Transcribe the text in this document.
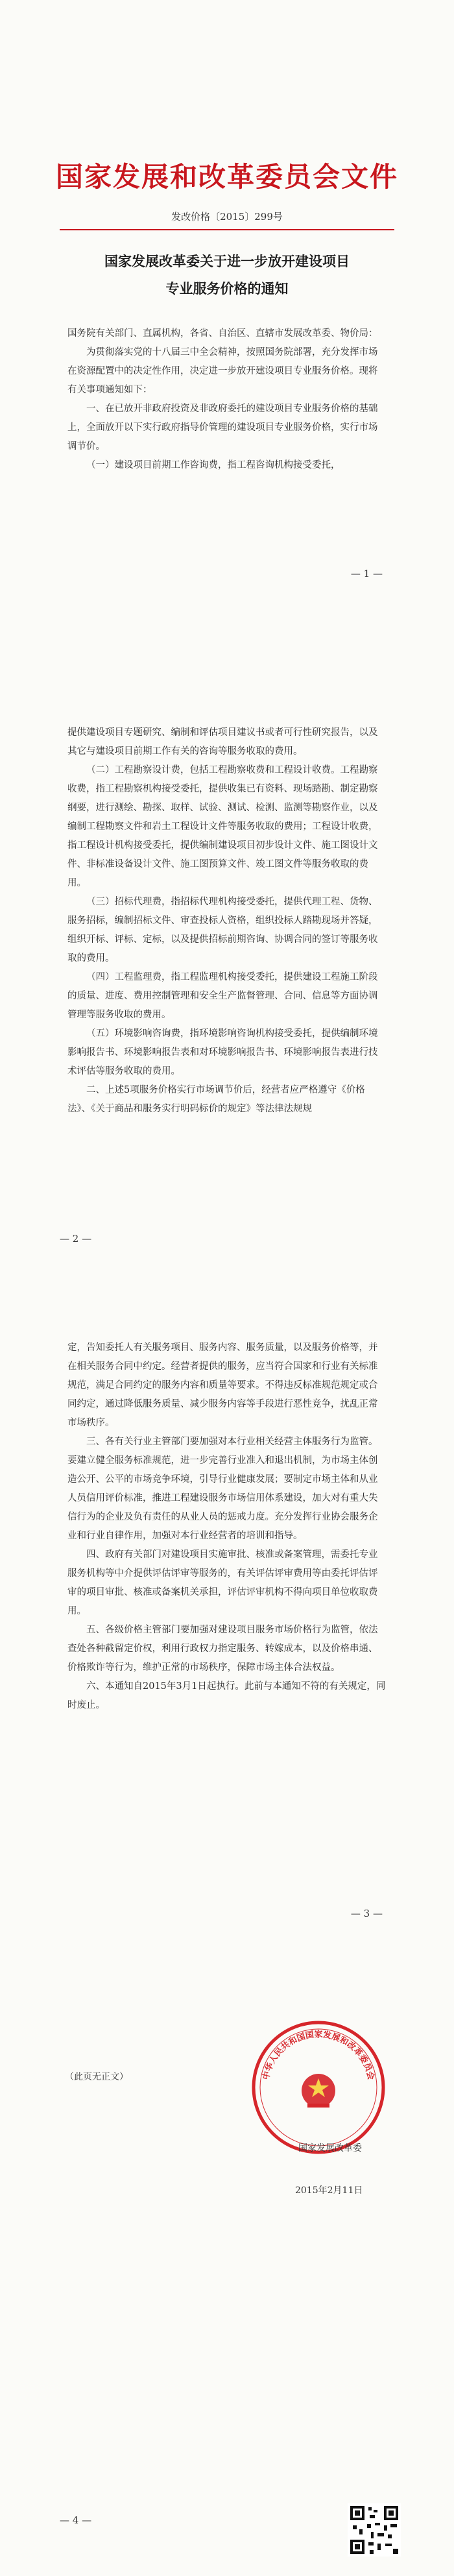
国家发展和改革委员会文件
发改价格〔2015〕299号
国家发展改革委关于进一步放开建设项目
专业服务价格的通知

国务院有关部门、直属机构，各省、自治区、直辖市发展改革委、物价局：

为贯彻落实党的十八届三中全会精神，按照国务院部署，充分发挥市场在资源配置中的决定性作用，决定进一步放开建设项目专业服务价格。现将有关事项通知如下：

一、在已放开非政府投资及非政府委托的建设项目专业服务价格的基础上，全面放开以下实行政府指导价管理的建设项目专业服务价格，实行市场调节价。

（一）建设项目前期工作咨询费，指工程咨询机构接受委托，

— 1 —

提供建设项目专题研究、编制和评估项目建议书或者可行性研究报告，以及其它与建设项目前期工作有关的咨询等服务收取的费用。

（二）工程勘察设计费，包括工程勘察收费和工程设计收费。工程勘察收费，指工程勘察机构接受委托，提供收集已有资料、现场踏勘、制定勘察纲要，进行测绘、勘探、取样、试验、测试、检测、监测等勘察作业，以及编制工程勘察文件和岩土工程设计文件等服务收取的费用；工程设计收费，指工程设计机构接受委托，提供编制建设项目初步设计文件、施工图设计文件、非标准设备设计文件、施工图预算文件、竣工图文件等服务收取的费用。

（三）招标代理费，指招标代理机构接受委托，提供代理工程、货物、服务招标，编制招标文件、审查投标人资格，组织投标人踏勘现场并答疑，组织开标、评标、定标，以及提供招标前期咨询、协调合同的签订等服务收取的费用。

（四）工程监理费，指工程监理机构接受委托，提供建设工程施工阶段的质量、进度、费用控制管理和安全生产监督管理、合同、信息等方面协调管理等服务收取的费用。

（五）环境影响咨询费，指环境影响咨询机构接受委托，提供编制环境影响报告书、环境影响报告表和对环境影响报告书、环境影响报告表进行技术评估等服务收取的费用。

二、上述5项服务价格实行市场调节价后，经营者应严格遵守《价格法》、《关于商品和服务实行明码标价的规定》等法律法规规

— 2 —

定，告知委托人有关服务项目、服务内容、服务质量，以及服务价格等，并在相关服务合同中约定。经营者提供的服务，应当符合国家和行业有关标准规范，满足合同约定的服务内容和质量等要求。不得违反标准规范规定或合同约定，通过降低服务质量、减少服务内容等手段进行恶性竞争，扰乱正常市场秩序。

三、各有关行业主管部门要加强对本行业相关经营主体服务行为监管。要建立健全服务标准规范，进一步完善行业准入和退出机制，为市场主体创造公开、公平的市场竞争环境，引导行业健康发展；要制定市场主体和从业人员信用评价标准，推进工程建设服务市场信用体系建设，加大对有重大失信行为的企业及负有责任的从业人员的惩戒力度。充分发挥行业协会服务企业和行业自律作用，加强对本行业经营者的培训和指导。

四、政府有关部门对建设项目实施审批、核准或备案管理，需委托专业服务机构等中介提供评估评审等服务的，有关评估评审费用等由委托评估评审的项目审批、核准或备案机关承担，评估评审机构不得向项目单位收取费用。

五、各级价格主管部门要加强对建设项目服务市场价格行为监管，依法查处各种截留定价权，利用行政权力指定服务、转嫁成本，以及价格串通、价格欺诈等行为，维护正常的市场秩序，保障市场主体合法权益。

六、本通知自2015年3月1日起执行。此前与本通知不符的有关规定，同时废止。

— 3 —
（此页无正文）
— 4 —
中华人民共和国国家发展和改革委员会
国家发展改革委
2015年2月11日
